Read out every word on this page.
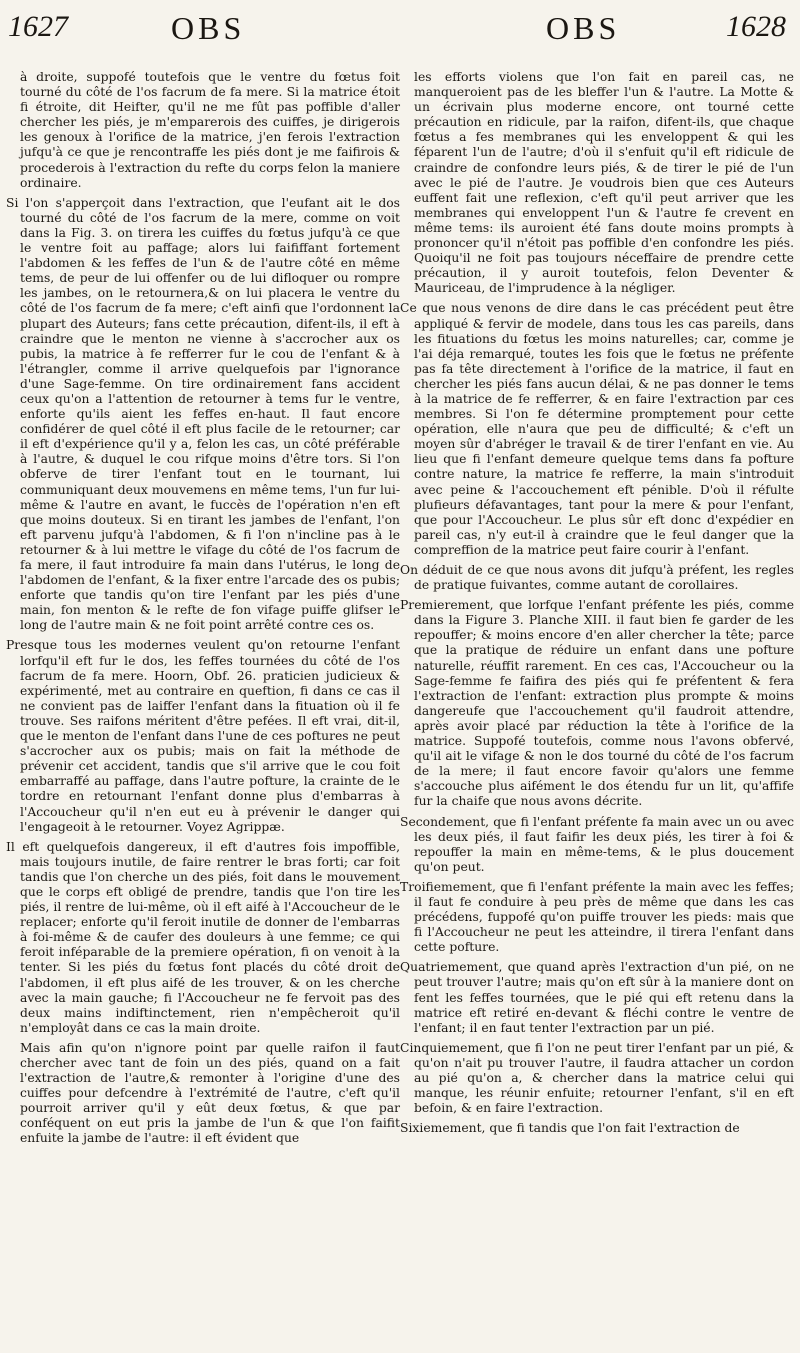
1627	OBS	OBS	1628

à droite, suppofé toutefois que le ventre du fœtus foit tourné du côté de l'os facrum de fa mere. Si la matrice étoit fi étroite, dit Heifter, qu'il ne me fût pas poffible d'aller chercher les piés, je m'emparerois des cuiffes, je dirigerois les genoux à l'orifice de la matrice, j'en ferois l'extraction jufqu'à ce que je rencontraffe les piés dont je me faifirois & procederois à l'extraction du refte du corps felon la maniere ordinaire.

Si l'on s'apperçoit dans l'extraction, que l'eufant ait le dos tourné du côté de l'os facrum de la mere, comme on voit dans la Fig. 3. on tirera les cuiffes du fœtus jufqu'à ce que le ventre foit au paffage; alors lui faififfant fortement l'abdomen & les feffes de l'un & de l'autre côté en même tems, de peur de lui offenfer ou de lui difloquer ou rompre les jambes, on le retournera,& on lui placera le ventre du côté de l'os facrum de fa mere; c'eft ainfi que l'ordonnent la plupart des Auteurs; fans cette précaution, difent-ils, il eft à craindre que le menton ne vienne à s'accrocher aux os pubis, la matrice à fe refferrer fur le cou de l'enfant & à l'étrangler, comme il arrive quelquefois par l'ignorance d'une Sage-femme. On tire ordinairement fans accident ceux qu'on a l'attention de retourner à tems fur le ventre, enforte qu'ils aient les feffes en-haut. Il faut encore confidérer de quel côté il eft plus facile de le retourner; car il eft d'expérience qu'il y a, felon les cas, un côté préférable à l'autre, & duquel le cou rifque moins d'être tors. Si l'on obferve de tirer l'enfant tout en le tournant, lui communiquant deux mouvemens en même tems, l'un fur lui-même & l'autre en avant, le fuccès de l'opération n'en eft que moins douteux. Si en tirant les jambes de l'enfant, l'on eft parvenu jufqu'à l'abdomen, & fi l'on n'incline pas à le retourner & à lui mettre le vifage du côté de l'os facrum de fa mere, il faut introduire fa main dans l'utérus, le long de l'abdomen de l'enfant, & la fixer entre l'arcade des os pubis; enforte que tandis qu'on tire l'enfant par les piés d'une main, fon menton & le refte de fon vifage puiffe glifser le long de l'autre main & ne foit point arrêté contre ces os.

Presque tous les modernes veulent qu'on retourne l'enfant lorfqu'il eft fur le dos, les feffes tournées du côté de l'os facrum de fa mere. Hoorn, Obf. 26. praticien judicieux & expérimenté, met au contraire en queftion, fi dans ce cas il ne convient pas de laiffer l'enfant dans la fituation où il fe trouve. Ses raifons méritent d'être pefées. Il eft vrai, dit-il, que le menton de l'enfant dans l'une de ces poftures ne peut s'accrocher aux os pubis; mais on fait la méthode de prévenir cet accident, tandis que s'il arrive que le cou foit embarraffé au paffage, dans l'autre pofture, la crainte de le tordre en retournant l'enfant donne plus d'embarras à l'Accoucheur qu'il n'en eut eu à prévenir le danger qui l'engageoit à le retourner. Voyez Agrippæ.

Il eft quelquefois dangereux, il eft d'autres fois impoffible, mais toujours inutile, de faire rentrer le bras forti; car foit tandis que l'on cherche un des piés, foit dans le mouvement que le corps eft obligé de prendre, tandis que l'on tire les piés, il rentre de lui-même, où il eft aifé à l'Accoucheur de le replacer; enforte qu'il feroit inutile de donner de l'embarras à foi-même & de caufer des douleurs à une femme; ce qui feroit inféparable de la premiere opération, fi on venoit à la tenter. Si les piés du fœtus font placés du côté droit de l'abdomen, il eft plus aifé de les trouver, & on les cherche avec la main gauche; fi l'Accoucheur ne fe fervoit pas des deux mains indiftinctement, rien n'empêcheroit qu'il n'employât dans ce cas la main droite.

Mais afin qu'on n'ignore point par quelle raifon il faut chercher avec tant de foin un des piés, quand on a fait l'extraction de l'autre,& remonter à l'origine d'une des cuiffes pour defcendre à l'extrémité de l'autre, c'eft qu'il pourroit arriver qu'il y eût deux fœtus, & que par conféquent on eut pris la jambe de l'un & que l'on faifit enfuite la jambe de l'autre: il eft évident que

les efforts violens que l'on fait en pareil cas, ne manqueroient pas de les bleffer l'un & l'autre. La Motte & un écrivain plus moderne encore, ont tourné cette précaution en ridicule, par la raifon, difent-ils, que chaque fœtus a fes membranes qui les enveloppent & qui les féparent l'un de l'autre; d'où il s'enfuit qu'il eft ridicule de craindre de confondre leurs piés, & de tirer le pié de l'un avec le pié de l'autre. Je voudrois bien que ces Auteurs euffent fait une reflexion, c'eft qu'il peut arriver que les membranes qui enveloppent l'un & l'autre fe crevent en même tems: ils auroient été fans doute moins prompts à prononcer qu'il n'étoit pas poffible d'en confondre les piés. Quoiqu'il ne foit pas toujours néceffaire de prendre cette précaution, il y auroit toutefois, felon Deventer & Mauriceau, de l'imprudence à la négliger.

Ce que nous venons de dire dans le cas précédent peut être appliqué & fervir de modele, dans tous les cas pareils, dans les fituations du fœtus les moins naturelles; car, comme je l'ai déja remarqué, toutes les fois que le fœtus ne préfente pas fa tête directement à l'orifice de la matrice, il faut en chercher les piés fans aucun délai, & ne pas donner le tems à la matrice de fe refferrer, & en faire l'extraction par ces membres. Si l'on fe détermine promptement pour cette opération, elle n'aura que peu de difficulté; & c'eft un moyen sûr d'abréger le travail & de tirer l'enfant en vie. Au lieu que fi l'enfant demeure quelque tems dans fa pofture contre nature, la matrice fe refferre, la main s'introduit avec peine & l'accouchement eft pénible. D'où il réfulte plufieurs défavantages, tant pour la mere & pour l'enfant, que pour l'Accoucheur. Le plus sûr eft donc d'expédier en pareil cas, n'y eut-il à craindre que le feul danger que la compreffion de la matrice peut faire courir à l'enfant.

On déduit de ce que nous avons dit jufqu'à préfent, les regles de pratique fuivantes, comme autant de corollaires.

Premierement, que lorfque l'enfant préfente les piés, comme dans la Figure 3. Planche XIII. il faut bien fe garder de les repouffer; & moins encore d'en aller chercher la tête; parce que la pratique de réduire un enfant dans une pofture naturelle, réuffit rarement. En ces cas, l'Accoucheur ou la Sage-femme fe faifira des piés qui fe préfentent & fera l'extraction de l'enfant: extraction plus prompte & moins dangereufe que l'accouchement qu'il faudroit attendre, après avoir placé par réduction la tête à l'orifice de la matrice. Suppofé toutefois, comme nous l'avons obfervé, qu'il ait le vifage & non le dos tourné du côté de l'os facrum de la mere; il faut encore favoir qu'alors une femme s'accouche plus aifément le dos étendu fur un lit, qu'affife fur la chaife que nous avons décrite.

Secondement, que fi l'enfant préfente fa main avec un ou avec les deux piés, il faut faifir les deux piés, les tirer à foi & repouffer la main en même-tems, & le plus doucement qu'on peut.

Troifiemement, que fi l'enfant préfente la main avec les feffes; il faut fe conduire à peu près de même que dans les cas précédens, fuppofé qu'on puiffe trouver les pieds: mais que fi l'Accoucheur ne peut les atteindre, il tirera l'enfant dans cette pofture.

Quatriemement, que quand après l'extraction d'un pié, on ne peut trouver l'autre; mais qu'on eft sûr à la maniere dont on fent les feffes tournées, que le pié qui eft retenu dans la matrice eft retiré en-devant & fléchi contre le ventre de l'enfant; il en faut tenter l'extraction par un pié.

Cinquiemement, que fi l'on ne peut tirer l'enfant par un pié, & qu'on n'ait pu trouver l'autre, il faudra attacher un cordon au pié qu'on a, & chercher dans la matrice celui qui manque, les réunir enfuite; retourner l'enfant, s'il en eft befoin, & en faire l'extraction.

Sixiemement, que fi tandis que l'on fait l'extraction de
